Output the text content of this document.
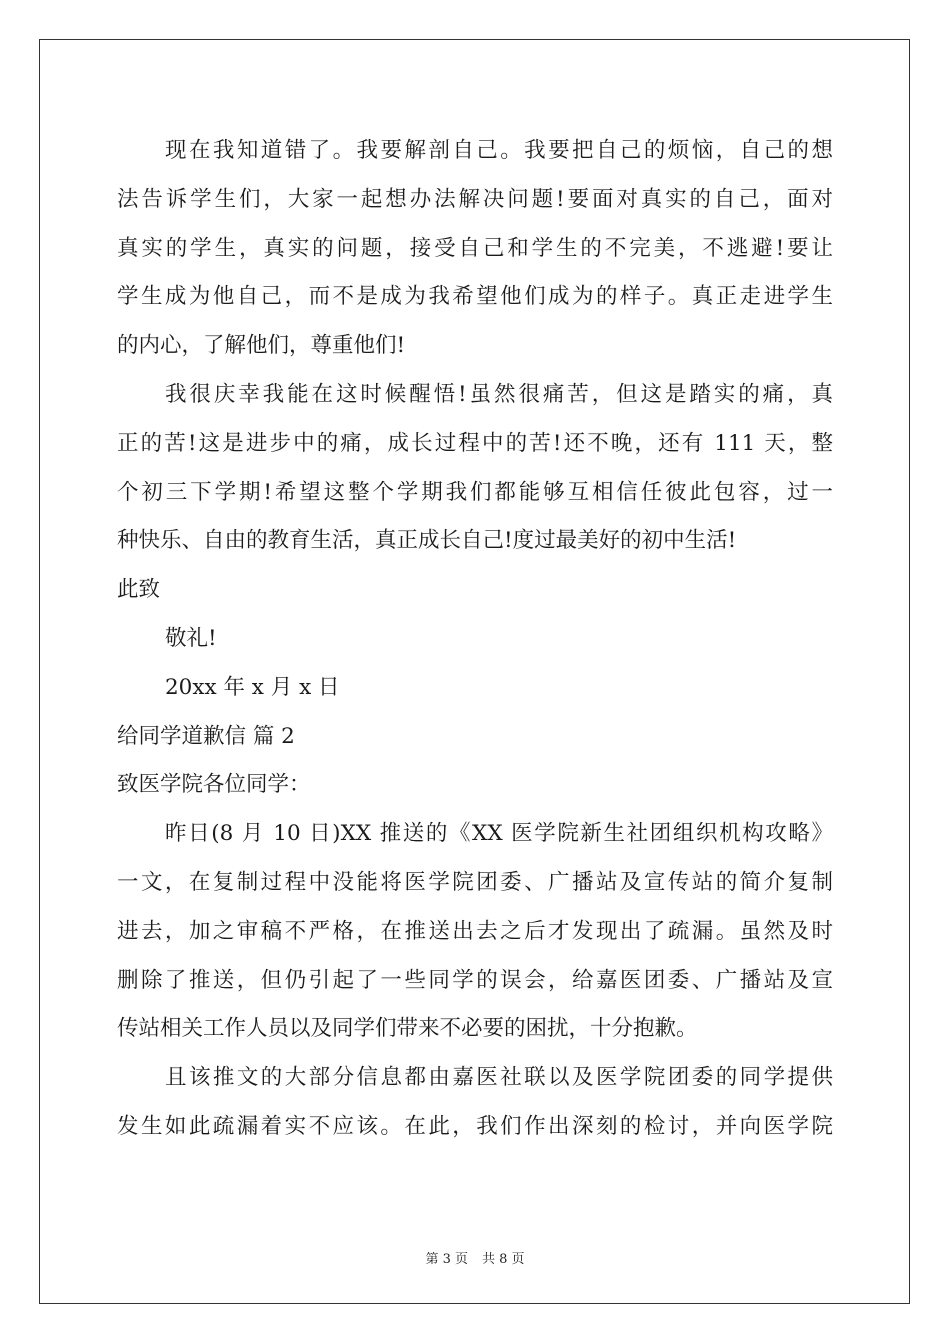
现在我知道错了。我要解剖自己。我要把自己的烦恼，自己的想
法告诉学生们，大家一起想办法解决问题!要面对真实的自己，面对
真实的学生，真实的问题，接受自己和学生的不完美，不逃避!要让
学生成为他自己，而不是成为我希望他们成为的样子。真正走进学生
的内心，了解他们，尊重他们!
我很庆幸我能在这时候醒悟!虽然很痛苦，但这是踏实的痛，真
正的苦!这是进步中的痛，成长过程中的苦!还不晚，还有 111 天，整
个初三下学期!希望这整个学期我们都能够互相信任彼此包容，过一
种快乐、自由的教育生活，真正成长自己!度过最美好的初中生活!
此致
敬礼!
20xx 年 x 月 x 日
给同学道歉信 篇 2
致医学院各位同学：
昨日(8 月 10 日)XX 推送的《XX 医学院新生社团组织机构攻略》
一文，在复制过程中没能将医学院团委、广播站及宣传站的简介复制
进去，加之审稿不严格，在推送出去之后才发现出了疏漏。虽然及时
删除了推送，但仍引起了一些同学的误会，给嘉医团委、广播站及宣
传站相关工作人员以及同学们带来不必要的困扰，十分抱歉。
且该推文的大部分信息都由嘉医社联以及医学院团委的同学提供
发生如此疏漏着实不应该。在此，我们作出深刻的检讨，并向医学院
第 3 页 共 8 页
